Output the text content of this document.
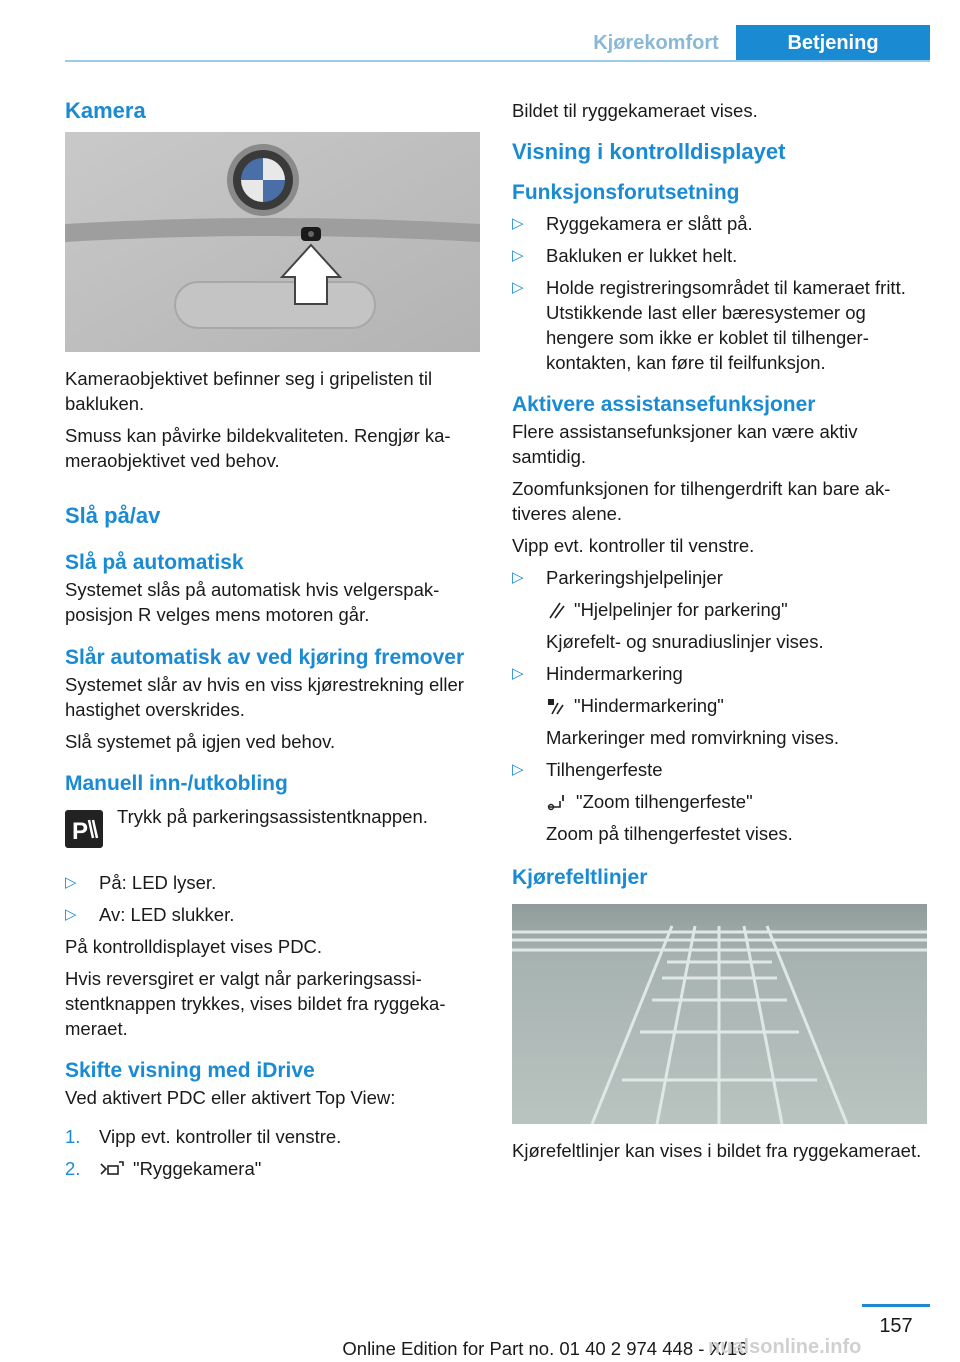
Kjørekomfort	Betjening
Kamera
Kameraobjektivet befinner seg i gripelisten til bakluken.
Smuss kan påvirke bildekvaliteten. Rengjør kameraobjektivet ved behov.
Slå på/av
Slå på automatisk
Systemet slås på automatisk hvis velgerspakposisjon R velges mens motoren går.
Slår automatisk av ved kjøring fremover
Systemet slår av hvis en viss kjørestrekning eller hastighet overskrides.
Slå systemet på igjen ved behov.
Manuell inn-/utkobling
P
Trykk på parkeringsassistentknappen.
▷ På: LED lyser.
▷ Av: LED slukker.
På kontrolldisplayet vises PDC.
Hvis reversgiret er valgt når parkeringsassistentknappen trykkes, vises bildet fra ryggekameraet.
Skifte visning med iDrive
Ved aktivert PDC eller aktivert Top View:
1. Vipp evt. kontroller til venstre.
2.	"Ryggekamera"
Bildet til ryggekameraet vises.
Visning i kontrolldisplayet
Funksjonsforutsetning
▷ Ryggekamera er slått på.
▷ Bakluken er lukket helt.
▷ Holde registreringsområdet til kameraet fritt. Utstikkende last eller bæresystemer og hengere som ikke er koblet til tilhengerkontakten, kan føre til feilfunksjon.
Aktivere assistansefunksjoner
Flere assistansefunksjoner kan være aktiv samtidig.
Zoomfunksjonen for tilhengerdrift kan bare aktiveres alene.
Vipp evt. kontroller til venstre.
▷ Parkeringshjelpelinjer
"Hjelpelinjer for parkering"
Kjørefelt- og snuradiuslinjer vises.
▷ Hindermarkering
"Hindermarkering"
Markeringer med romvirkning vises.
▷ Tilhengerfeste
"Zoom tilhengerfeste"
Zoom på tilhengerfestet vises.
Kjørefeltlinjer
Kjørefeltlinjer kan vises i bildet fra ryggekameraet.
157
Online Edition for Part no. 01 40 2 974 448 - X/16
nualsonline.info
